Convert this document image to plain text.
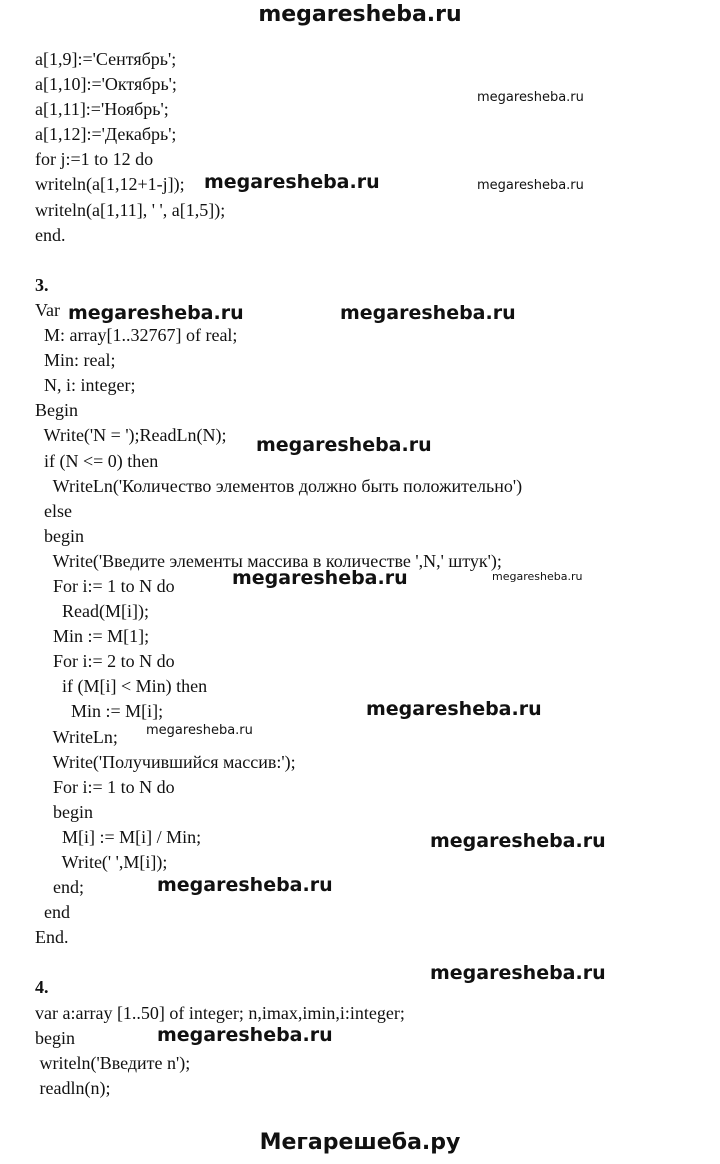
megaresheba.ru
a[1,9]:='Сентябрь';
a[1,10]:='Октябрь';
a[1,11]:='Ноябрь';
a[1,12]:='Декабрь';
for j:=1 to 12 do
writeln(a[1,12+1-j]);
writeln(a[1,11], ' ', a[1,5]);
end.
3.
Var
M: array[1..32767] of real;
Min: real;
N, i: integer;
Begin
Write('N = ');ReadLn(N);
if (N <= 0) then
WriteLn('Количество элементов должно быть положительно')
else
begin
Write('Введите элементы массива в количестве ',N,' штук');
For i:= 1 to N do
Read(M[i]);
Min := M[1];
For i:= 2 to N do
if (M[i] < Min) then
Min := M[i];
WriteLn;
Write('Получившийся массив:');
For i:= 1 to N do
begin
M[i] := M[i] / Min;
Write(' ',M[i]);
end;
end
End.
4.
var a:array [1..50] of integer; n,imax,imin,i:integer;
begin
writeln('Введите n');
readln(n);
megaresheba.ru
megaresheba.ru	megaresheba.ru
megaresheba.ru	megaresheba.ru
megaresheba.ru
megaresheba.ru
megaresheba.ru
megaresheba.ru
megaresheba.ru
megaresheba.ru
megaresheba.ru
megaresheba.ru
megaresheba.ru
Мегарешеба.ру
